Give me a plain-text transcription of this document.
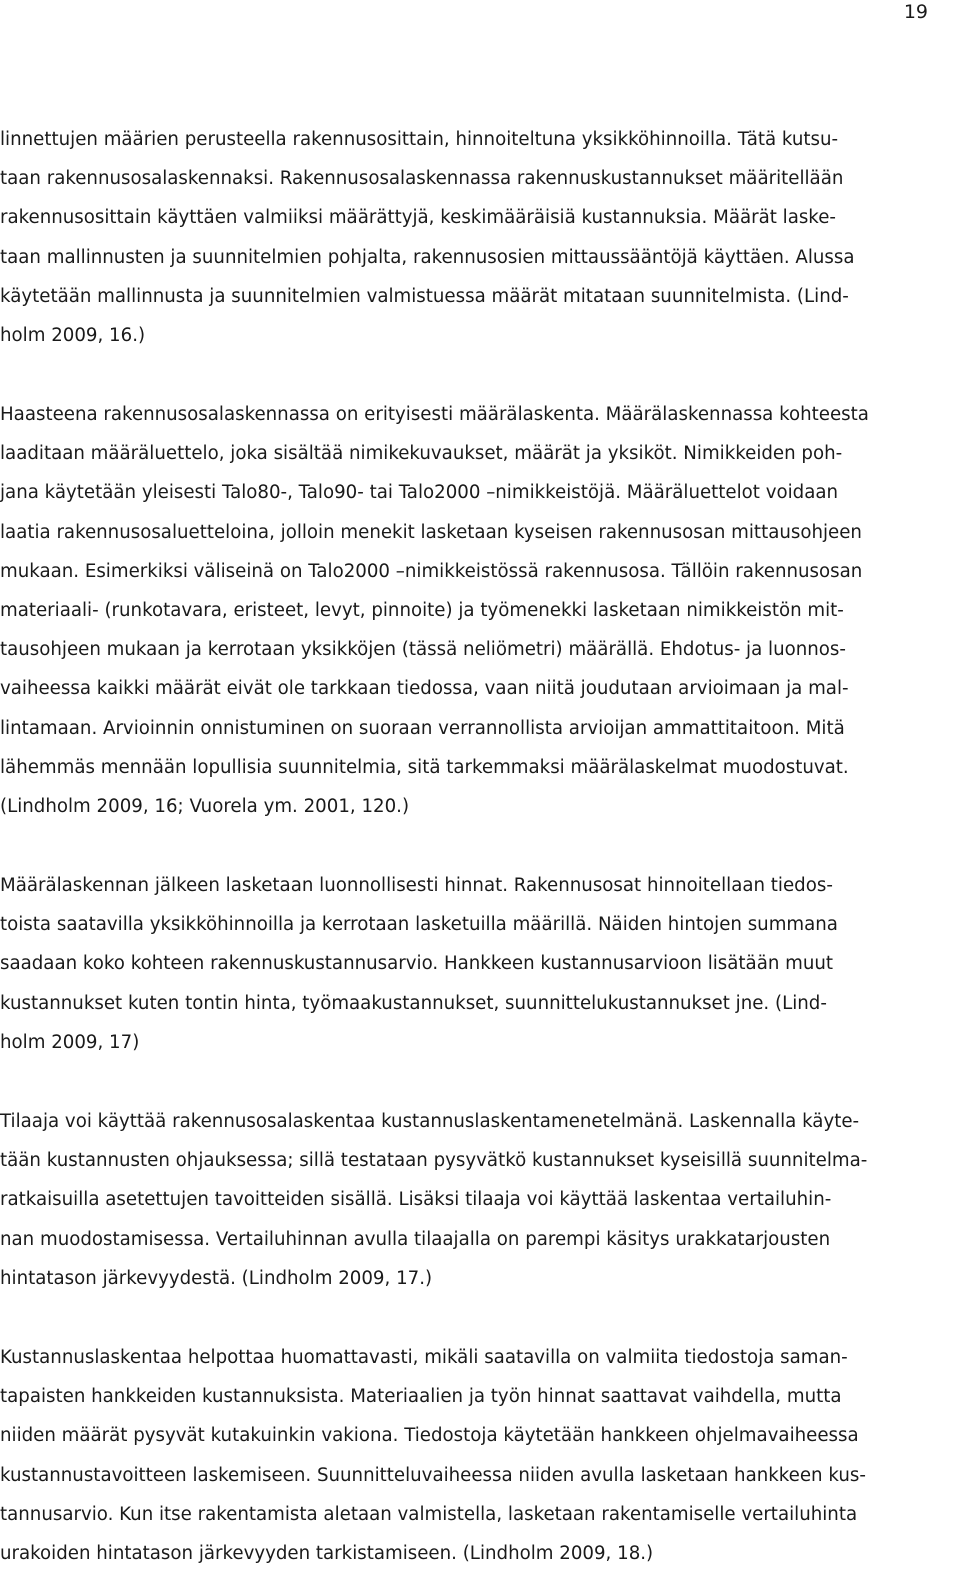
19
linnettujen määrien perusteella rakennusosittain, hinnoiteltuna yksikköhinnoilla. Tätä kutsu-
taan rakennusosalaskennaksi. Rakennusosalaskennassa rakennuskustannukset määritellään
rakennusosittain käyttäen valmiiksi määrättyjä, keskimääräisiä kustannuksia. Määrät laske-
taan mallinnusten ja suunnitelmien pohjalta, rakennusosien mittaussääntöjä käyttäen. Alussa
käytetään mallinnusta ja suunnitelmien valmistuessa määrät mitataan suunnitelmista. (Lind-
holm 2009, 16.)
Haasteena rakennusosalaskennassa on erityisesti määrälaskenta. Määrälaskennassa kohteesta
laaditaan määräluettelo, joka sisältää nimikekuvaukset, määrät ja yksiköt. Nimikkeiden poh-
jana käytetään yleisesti Talo80-, Talo90- tai Talo2000 –nimikkeistöjä. Määräluettelot voidaan
laatia rakennusosaluetteloina, jolloin menekit lasketaan kyseisen rakennusosan mittausohjeen
mukaan. Esimerkiksi väliseinä on Talo2000 –nimikkeistössä rakennusosa. Tällöin rakennusosan
materiaali- (runkotavara, eristeet, levyt, pinnoite) ja työmenekki lasketaan nimikkeistön mit-
tausohjeen mukaan ja kerrotaan yksikköjen (tässä neliömetri) määrällä. Ehdotus- ja luonnos-
vaiheessa kaikki määrät eivät ole tarkkaan tiedossa, vaan niitä joudutaan arvioimaan ja mal-
lintamaan. Arvioinnin onnistuminen on suoraan verrannollista arvioijan ammattitaitoon. Mitä
lähemmäs mennään lopullisia suunnitelmia, sitä tarkemmaksi määrälaskelmat muodostuvat.
(Lindholm 2009, 16; Vuorela ym. 2001, 120.)
Määrälaskennan jälkeen lasketaan luonnollisesti hinnat. Rakennusosat hinnoitellaan tiedos-
toista saatavilla yksikköhinnoilla ja kerrotaan lasketuilla määrillä. Näiden hintojen summana
saadaan koko kohteen rakennuskustannusarvio. Hankkeen kustannusarvioon lisätään muut
kustannukset kuten tontin hinta, työmaakustannukset, suunnittelukustannukset jne. (Lind-
holm 2009, 17)
Tilaaja voi käyttää rakennusosalaskentaa kustannuslaskentamenetelmänä. Laskennalla käyte-
tään kustannusten ohjauksessa; sillä testataan pysyvätkö kustannukset kyseisillä suunnitelma-
ratkaisuilla asetettujen tavoitteiden sisällä. Lisäksi tilaaja voi käyttää laskentaa vertailuhin-
nan muodostamisessa. Vertailuhinnan avulla tilaajalla on parempi käsitys urakkatarjousten
hintatason järkevyydestä. (Lindholm 2009, 17.)
Kustannuslaskentaa helpottaa huomattavasti, mikäli saatavilla on valmiita tiedostoja saman-
tapaisten hankkeiden kustannuksista. Materiaalien ja työn hinnat saattavat vaihdella, mutta
niiden määrät pysyvät kutakuinkin vakiona. Tiedostoja käytetään hankkeen ohjelmavaiheessa
kustannustavoitteen laskemiseen. Suunnitteluvaiheessa niiden avulla lasketaan hankkeen kus-
tannusarvio. Kun itse rakentamista aletaan valmistella, lasketaan rakentamiselle vertailuhinta
urakoiden hintatason järkevyyden tarkistamiseen. (Lindholm 2009, 18.)
